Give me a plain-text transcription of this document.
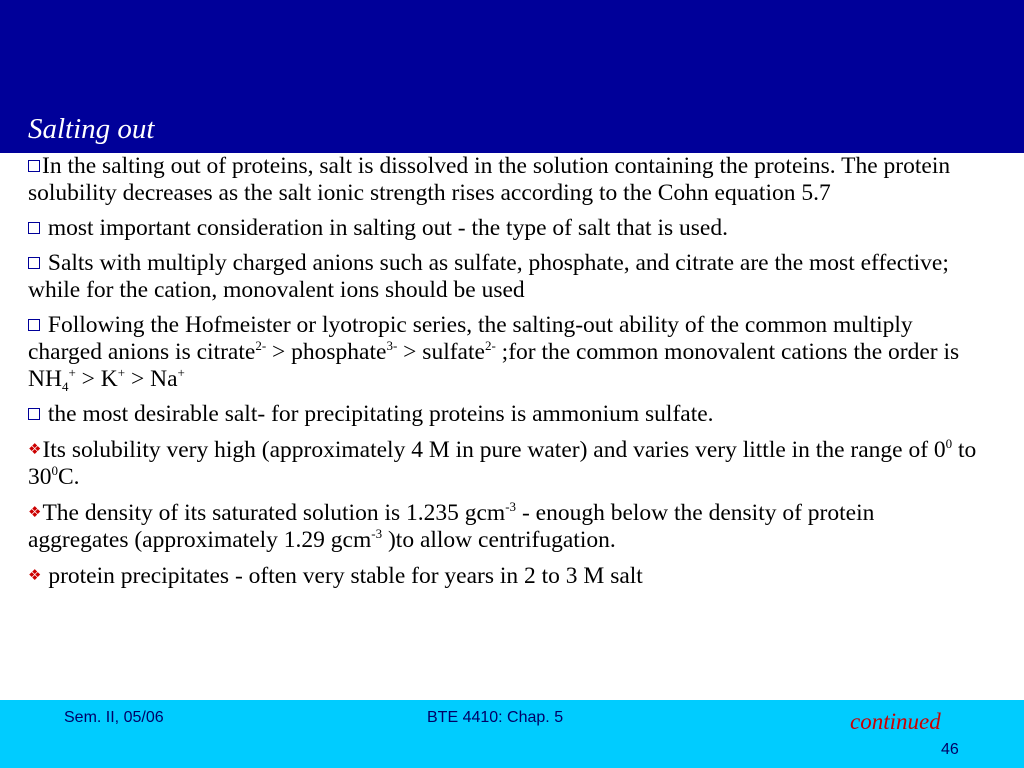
Salting out

In the salting out of proteins, salt is dissolved in the solution containing the proteins. The protein solubility decreases as the salt ionic strength rises according to the Cohn equation 5.7

most important consideration in salting out - the type of salt that is used.

Salts with multiply charged anions such as sulfate, phosphate, and citrate are the most effective; while for the cation, monovalent ions should be used

Following the Hofmeister or lyotropic series, the salting-out ability of the common multiply charged anions is citrate$^{2-}$ > phosphate$^{3-}$ > sulfate$^{2-}$ ;for the common monovalent cations the order is $NH_4^+ > K^+ > Na^+$

the most desirable salt- for precipitating proteins is ammonium sulfate.

❖Its solubility very high (approximately 4 M in pure water) and varies very little in the range of $0^0$ to $30^0C$.

❖The density of its saturated solution is 1.235 gcm$^{-3}$ - enough below the density of protein aggregates (approximately 1.29 gcm$^{-3}$ )to allow centrifugation.

❖ protein precipitates - often very stable for years in 2 to 3 M salt

Sem. II, 05/06	BTE 4410: Chap. 5	continued
46
